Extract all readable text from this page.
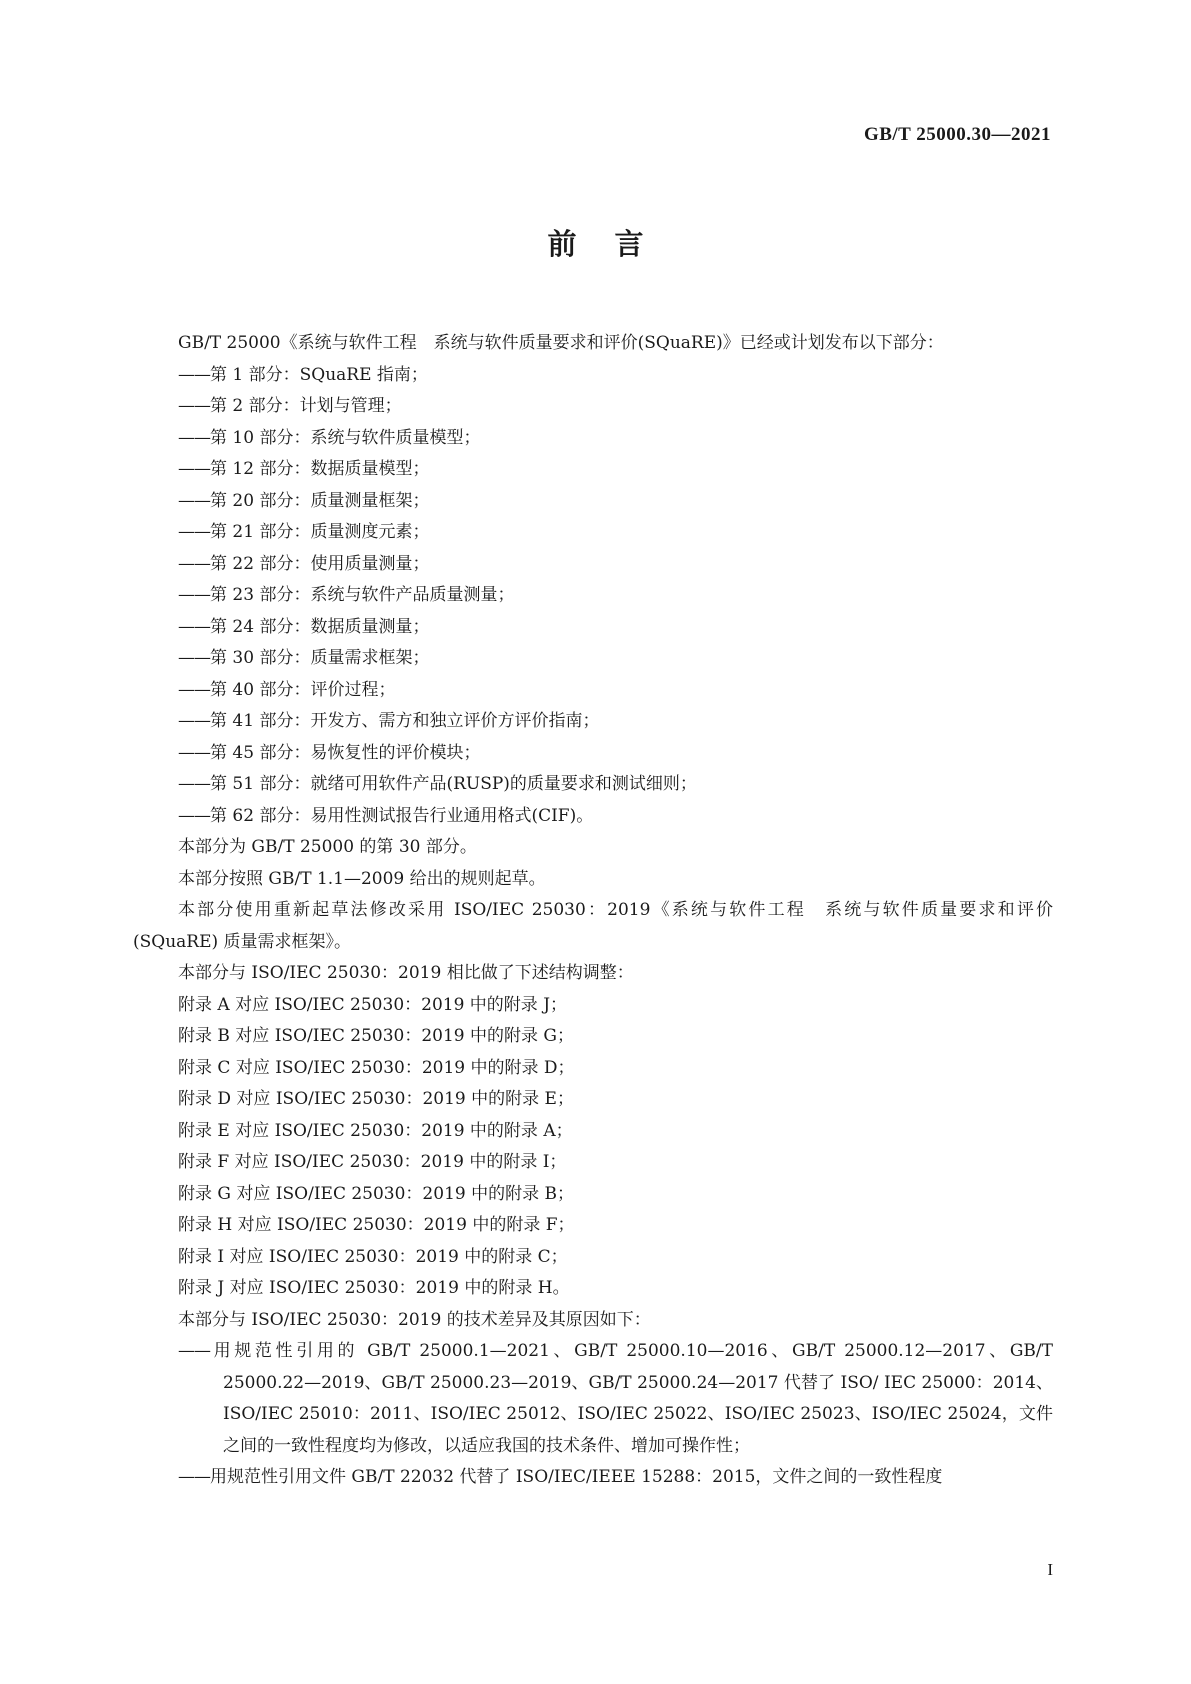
GB/T 25000.30—2021
前言

GB/T 25000《系统与软件工程　系统与软件质量要求和评价(SQuaRE)》已经或计划发布以下部分：

——第 1 部分：SQuaRE 指南；

——第 2 部分：计划与管理；

——第 10 部分：系统与软件质量模型；

——第 12 部分：数据质量模型；

——第 20 部分：质量测量框架；

——第 21 部分：质量测度元素；

——第 22 部分：使用质量测量；

——第 23 部分：系统与软件产品质量测量；

——第 24 部分：数据质量测量；

——第 30 部分：质量需求框架；

——第 40 部分：评价过程；

——第 41 部分：开发方、需方和独立评价方评价指南；

——第 45 部分：易恢复性的评价模块；

——第 51 部分：就绪可用软件产品(RUSP)的质量要求和测试细则；

——第 62 部分：易用性测试报告行业通用格式(CIF)。

本部分为 GB/T 25000 的第 30 部分。

本部分按照 GB/T 1.1—2009 给出的规则起草。

本部分使用重新起草法修改采用 ISO/IEC 25030：2019《系统与软件工程　系统与软件质量要求和评价(SQuaRE) 质量需求框架》。

本部分与 ISO/IEC 25030：2019 相比做了下述结构调整：

附录 A 对应 ISO/IEC 25030：2019 中的附录 J；

附录 B 对应 ISO/IEC 25030：2019 中的附录 G；

附录 C 对应 ISO/IEC 25030：2019 中的附录 D；

附录 D 对应 ISO/IEC 25030：2019 中的附录 E；

附录 E 对应 ISO/IEC 25030：2019 中的附录 A；

附录 F 对应 ISO/IEC 25030：2019 中的附录 I；

附录 G 对应 ISO/IEC 25030：2019 中的附录 B；

附录 H 对应 ISO/IEC 25030：2019 中的附录 F；

附录 I 对应 ISO/IEC 25030：2019 中的附录 C；

附录 J 对应 ISO/IEC 25030：2019 中的附录 H。

本部分与 ISO/IEC 25030：2019 的技术差异及其原因如下：

——用规范性引用的 GB/T 25000.1—2021、GB/T 25000.10—2016、GB/T 25000.12—2017、GB/T 25000.22—2019、GB/T 25000.23—2019、GB/T 25000.24—2017 代替了 ISO/ IEC 25000：2014、ISO/IEC 25010：2011、ISO/IEC 25012、ISO/IEC 25022、ISO/IEC 25023、ISO/IEC 25024，文件之间的一致性程度均为修改，以适应我国的技术条件、增加可操作性；

——用规范性引用文件 GB/T 22032 代替了 ISO/IEC/IEEE 15288：2015，文件之间的一致性程度

I
